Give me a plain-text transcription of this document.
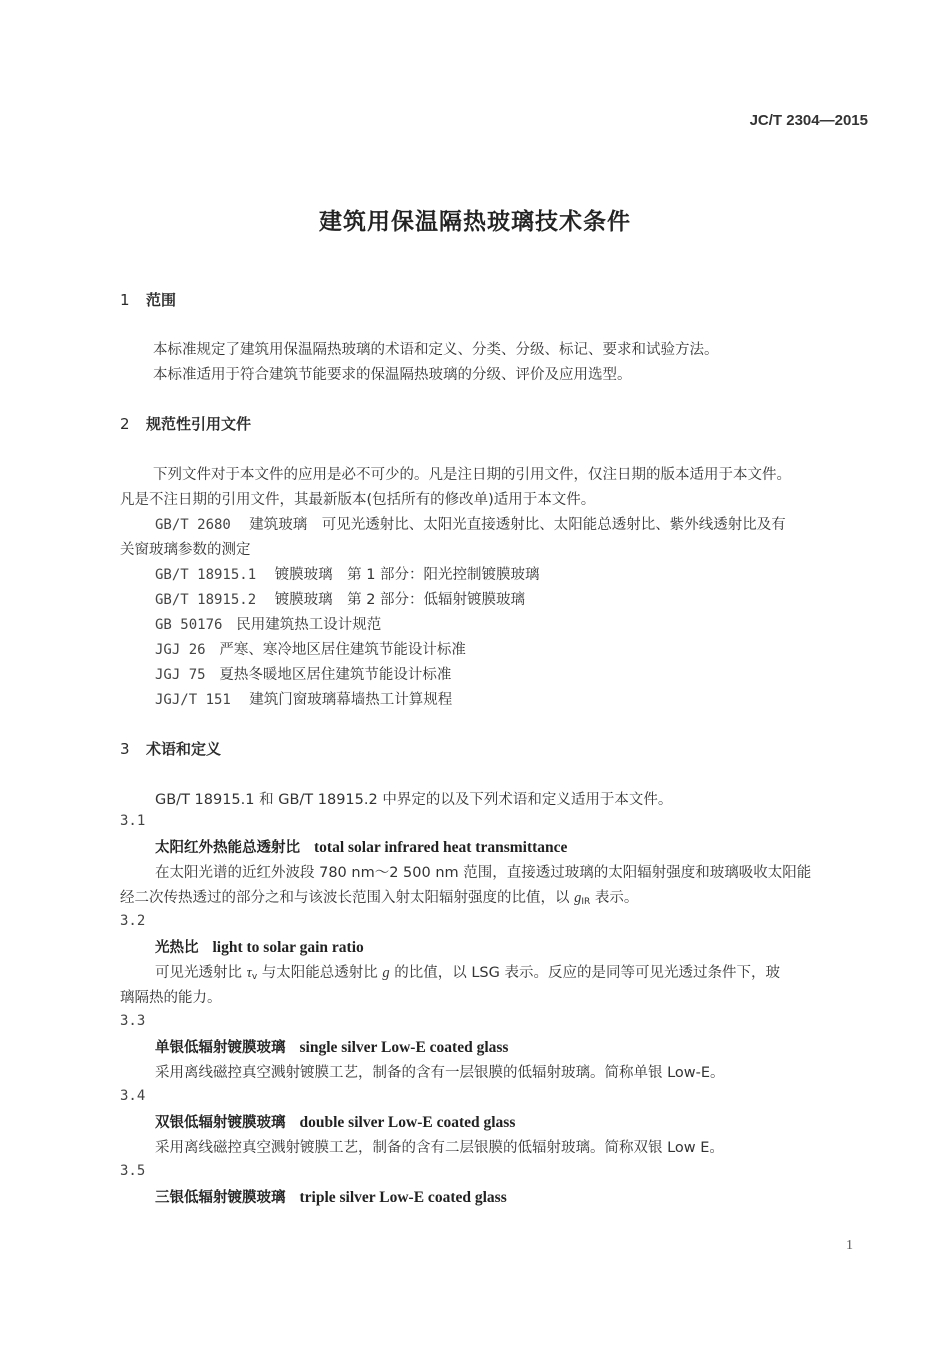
JC/T 2304—2015
建筑用保温隔热玻璃技术条件
1 范围
本标准规定了建筑用保温隔热玻璃的术语和定义、分类、分级、标记、要求和试验方法。
本标准适用于符合建筑节能要求的保温隔热玻璃的分级、评价及应用选型。
2 规范性引用文件
下列文件对于本文件的应用是必不可少的。凡是注日期的引用文件，仅注日期的版本适用于本文件。
凡是不注日期的引用文件，其最新版本(包括所有的修改单)适用于本文件。
GB/T 2680 建筑玻璃　可见光透射比、太阳光直接透射比、太阳能总透射比、紫外线透射比及有
关窗玻璃参数的测定
GB/T 18915.1 镀膜玻璃　第 1 部分：阳光控制镀膜玻璃
GB/T 18915.2 镀膜玻璃　第 2 部分：低辐射镀膜玻璃
GB 50176 民用建筑热工设计规范
JGJ 26 严寒、寒冷地区居住建筑节能设计标准
JGJ 75 夏热冬暖地区居住建筑节能设计标准
JGJ/T 151 建筑门窗玻璃幕墙热工计算规程
3 术语和定义
GB/T 18915.1 和 GB/T 18915.2 中界定的以及下列术语和定义适用于本文件。
3.1
太阳红外热能总透射比 total solar infrared heat transmittance
在太阳光谱的近红外波段 780 nm～2 500 nm 范围，直接透过玻璃的太阳辐射强度和玻璃吸收太阳能
经二次传热透过的部分之和与该波长范围入射太阳辐射强度的比值，以 $g_{IR}$ 表示。
3.2
光热比 light to solar gain ratio
可见光透射比 $\tau_v$ 与太阳能总透射比 g 的比值，以 LSG 表示。反应的是同等可见光透过条件下，玻
璃隔热的能力。
3.3
单银低辐射镀膜玻璃 single silver Low-E coated glass
采用离线磁控真空溅射镀膜工艺，制备的含有一层银膜的低辐射玻璃。简称单银 Low-E。
3.4
双银低辐射镀膜玻璃 double silver Low-E coated glass
采用离线磁控真空溅射镀膜工艺，制备的含有二层银膜的低辐射玻璃。简称双银 Low E。
3.5
三银低辐射镀膜玻璃 triple silver Low-E coated glass
1
